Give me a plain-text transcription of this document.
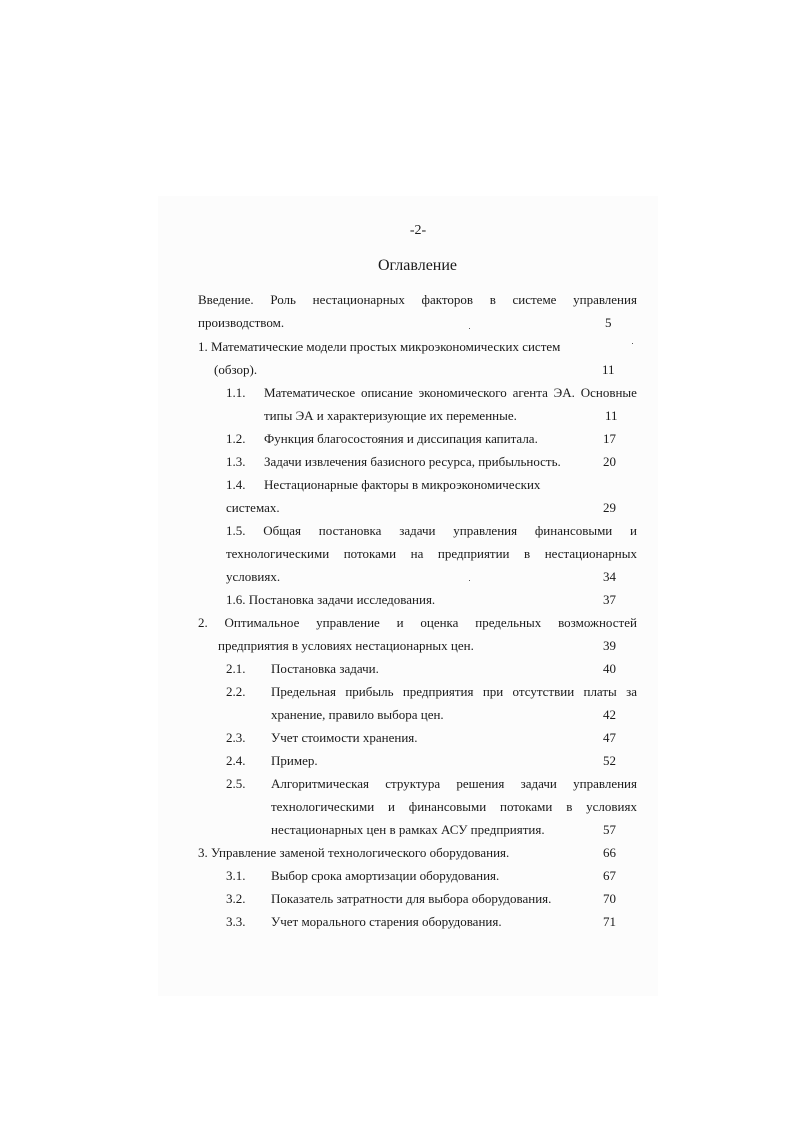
-2-
Оглавление
Введение. Роль нестационарных факторов в системе управления
производством.	5
1. Математические модели простых микроэкономических систем
(обзор).	11
1.1. Математическое описание экономического агента ЭА. Основные
типы ЭА и характеризующие их переменные.	11
1.2. Функция благосостояния и диссипация капитала.	17
1.3. Задачи извлечения базисного ресурса, прибыльность.	20
1.4. Нестационарные факторы в микроэкономических
системах.	29
1.5. Общая постановка задачи управления финансовыми и
технологическими потоками на предприятии в нестационарных
условиях.	34
1.6. Постановка задачи исследования.	37
2. Оптимальное управление и оценка предельных возможностей
предприятия в условиях нестационарных цен.	39
2.1. Постановка задачи.	40
2.2. Предельная прибыль предприятия при отсутствии платы за
хранение, правило выбора цен.	42
2.3. Учет стоимости хранения.	47
2.4. Пример.	52
2.5. Алгоритмическая структура решения задачи управления
технологическими и финансовыми потоками в условиях
нестационарных цен в рамках АСУ предприятия.	57
3. Управление заменой технологического оборудования.	66
3.1. Выбор срока амортизации оборудования.	67
3.2. Показатель затратности для выбора оборудования.	70
3.3. Учет морального старения оборудования.	71
